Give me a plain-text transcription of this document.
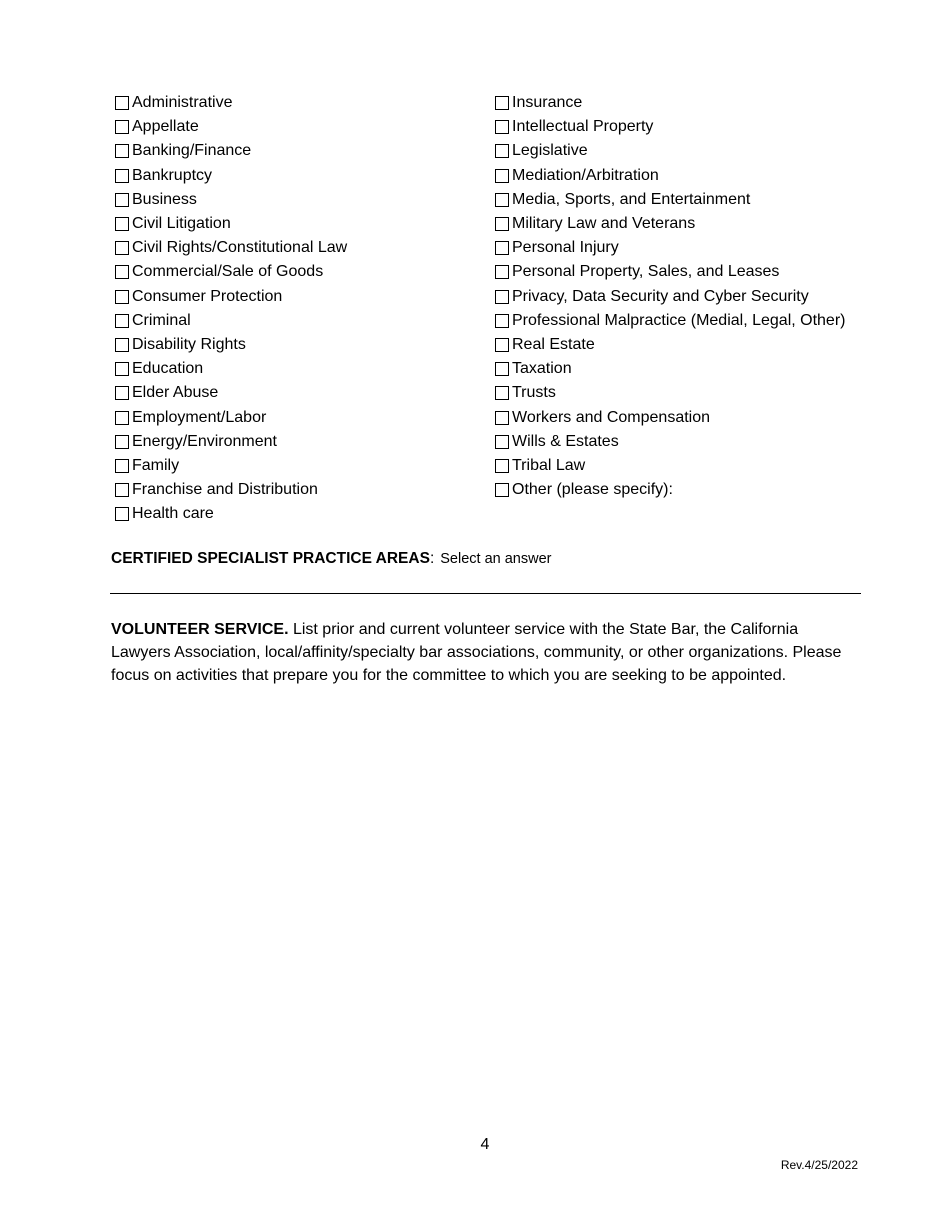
Administrative
Appellate
Banking/Finance
Bankruptcy
Business
Civil Litigation
Civil Rights/Constitutional Law
Commercial/Sale of Goods
Consumer Protection
Criminal
Disability Rights
Education
Elder Abuse
Employment/Labor
Energy/Environment
Family
Franchise and Distribution
Health care
Insurance
Intellectual Property
Legislative
Mediation/Arbitration
Media, Sports, and Entertainment
Military Law and Veterans
Personal Injury
Personal Property, Sales, and Leases
Privacy, Data Security and Cyber Security
Professional Malpractice (Medial, Legal, Other)
Real Estate
Taxation
Trusts
Workers and Compensation
Wills & Estates
Tribal Law
Other (please specify):
CERTIFIED SPECIALIST PRACTICE AREAS : Select an answer
VOLUNTEER SERVICE. List prior and current volunteer service with the State Bar, the California Lawyers Association, local/affinity/specialty bar associations, community, or other organizations. Please focus on activities that prepare you for the committee to which you are seeking to be appointed.
4
Rev.4/25/2022
